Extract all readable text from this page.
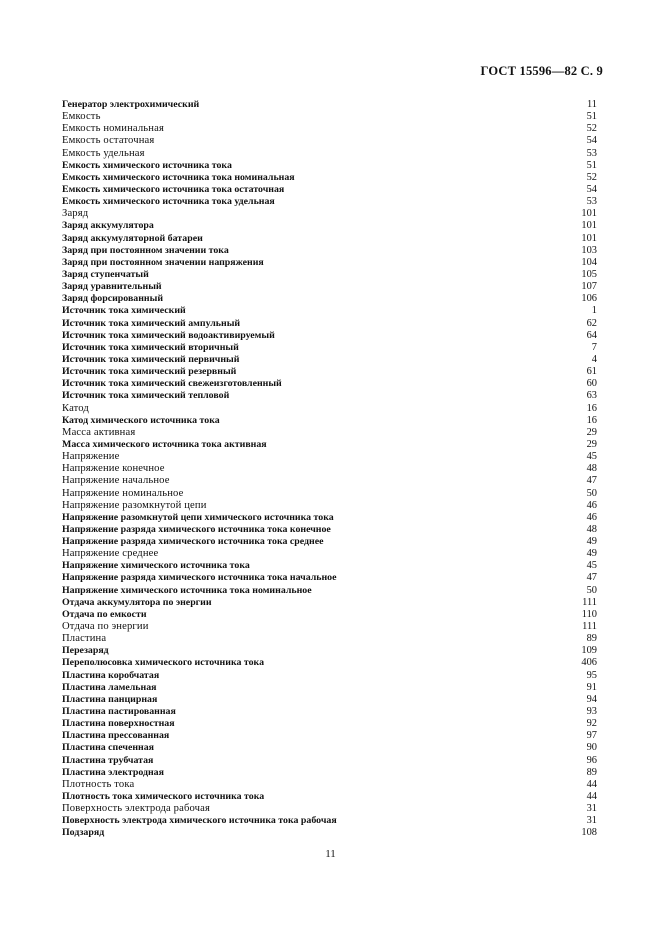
ГОСТ 15596—82 С. 9
Генератор электрохимический	11
Емкость	51
Емкость номинальная	52
Емкость остаточная	54
Емкость удельная	53
Емкость химического источника тока	51
Емкость химического источника тока номинальная	52
Емкость химического источника тока остаточная	54
Емкость химического источника тока удельная	53
Заряд	101
Заряд аккумулятора	101
Заряд аккумуляторной батареи	101
Заряд при постоянном значении тока	103
Заряд при постоянном значении напряжения	104
Заряд ступенчатый	105
Заряд уравнительный	107
Заряд форсированный	106
Источник тока химический	1
Источник тока химический ампульный	62
Источник тока химический водоактивируемый	64
Источник тока химический вторичный	7
Источник тока химический первичный	4
Источник тока химический резервный	61
Источник тока химический свежеизготовленный	60
Источник тока химический тепловой	63
Катод	16
Катод химического источника тока	16
Масса активная	29
Масса химического источника тока активная	29
Напряжение	45
Напряжение конечное	48
Напряжение начальное	47
Напряжение номинальное	50
Напряжение разомкнутой цепи	46
Напряжение разомкнутой цепи химического источника тока	46
Напряжение разряда химического источника тока конечное	48
Напряжение разряда химического источника тока среднее	49
Напряжение среднее	49
Напряжение химического источника тока	45
Напряжение разряда химического источника тока начальное	47
Напряжение химического источника тока номинальное	50
Отдача аккумулятора по энергии	111
Отдача по емкости	110
Отдача по энергии	111
Пластина	89
Перезаряд	109
Переполюсовка химического источника тока	406
Пластина коробчатая	95
Пластина ламельная	91
Пластина панцирная	94
Пластина пастированная	93
Пластина поверхностная	92
Пластина прессованная	97
Пластина спеченная	90
Пластина трубчатая	96
Пластина электродная	89
Плотность тока	44
Плотность тока химического источника тока	44
Поверхность электрода рабочая	31
Поверхность электрода химического источника тока рабочая	31
Подзаряд	108
11
